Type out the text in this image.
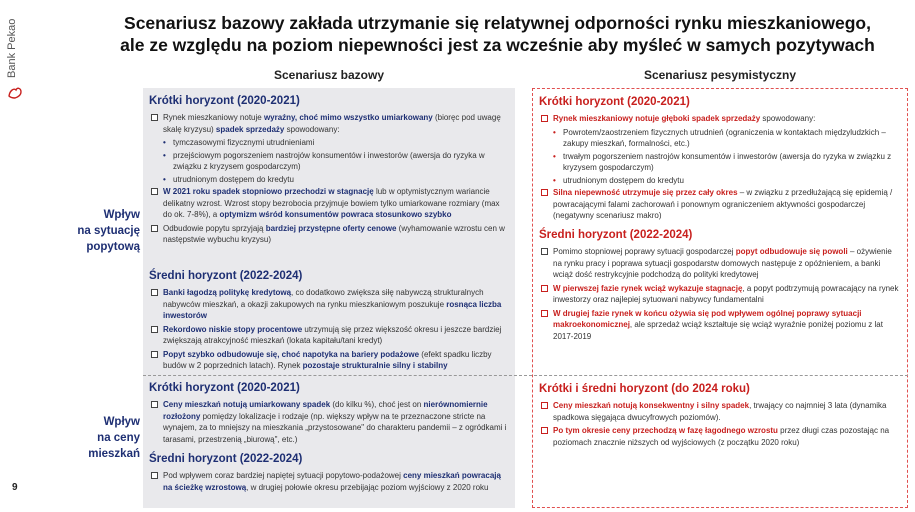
Bank Pekao
9
Scenariusz bazowy zakłada utrzymanie się relatywnej odporności rynku mieszkaniowego,
ale ze względu na poziom niepewności jest za wcześnie aby myśleć w samych pozytywach
Scenariusz bazowy	Scenariusz pesymistyczny
Wpływ
na sytuację
popytową
Wpływ
na ceny
mieszkań
Krótki horyzont (2020-2021)
Rynek mieszkaniowy notuje wyraźny, choć mimo wszystko umiarkowany (bioręc pod uwagę skalę kryzysu) spadek sprzedaży spowodowany:
• tymczasowymi fizycznymi utrudnieniami
• przejściowym pogorszeniem nastrojów konsumentów i inwestorów (awersja do ryzyka w związku z kryzysem gospodarczym)
• utrudnionym dostępem do kredytu
W 2021 roku spadek stopniowo przechodzi w stagnację lub w optymistycznym wariancie delikatny wzrost. Wzrost stopy bezrobocia przyjmuje bowiem tylko umiarkowane rozmiary (max do ok. 7-8%), a optymizm wśród konsumentów powraca stosunkowo szybko
Odbudowie popytu sprzyjają bardziej przystępne oferty cenowe (wyhamowanie wzrostu cen w następstwie wybuchu kryzysu)
Średni horyzont (2022-2024)
Banki łagodzą politykę kredytową, co dodatkowo zwiększa siłę nabywczą strukturalnych nabywców mieszkań, a okazji zakupowych na rynku mieszkaniowym poszukuje rosnąca liczba inwestorów
Rekordowo niskie stopy procentowe utrzymują się przez większość okresu i jeszcze bardziej zwiększają atrakcyjność mieszkań (lokata kapitału/tani kredyt)
Popyt szybko odbudowuje się, choć napotyka na bariery podażowe (efekt spadku liczby budów w 2 poprzednich latach). Rynek pozostaje strukturalnie silny i stabilny
Krótki horyzont (2020-2021)
Ceny mieszkań notują umiarkowany spadek (do kilku %), choć jest on nierównomiernie rozłożony pomiędzy lokalizacje i rodzaje (np. większy wpływ na te przeznaczone stricte na wynajem, za to mniejszy na mieszkania „przystosowane" do charakteru pandemii – z ogródkami i tarasami, przestrzenią „biurową", etc.)
Średni horyzont (2022-2024)
Pod wpływem coraz bardziej napiętej sytuacji popytowo-podażowej ceny mieszkań powracają na ścieżkę wzrostową, w drugiej połowie okresu przebijając poziom wyjściowy z 2020 roku
Krótki horyzont (2020-2021)
Rynek mieszkaniowy notuje głęboki spadek sprzedaży spowodowany:
• Powrotem/zaostrzeniem fizycznych utrudnień (ograniczenia w kontaktach międzyludzkich – zakupy mieszkań, formalności, etc.)
• trwałym pogorszeniem nastrojów konsumentów i inwestorów (awersja do ryzyka w związku z kryzysem gospodarczym)
• utrudnionym dostępem do kredytu
Silna niepewność utrzymuje się przez cały okres – w związku z przedłużającą się epidemią / powracającymi falami zachorowań i ponownym ograniczeniem aktywności gospodarczej (negatywny scenariusz makro)
Średni horyzont (2022-2024)
Pomimo stopniowej poprawy sytuacji gospodarczej popyt odbudowuje się powoli – ożywienie na rynku pracy i poprawa sytuacji gospodarstw domowych następuje z opóźnieniem, a banki wciąż dość restrykcyjnie podchodzą do polityki kredytowej
W pierwszej fazie rynek wciąż wykazuje stagnację, a popyt podtrzymują powracający na rynek inwestorzy oraz najlepiej sytuowani nabywcy fundamentalni
W drugiej fazie rynek w końcu ożywia się pod wpływem ogólnej poprawy sytuacji makroekonomicznej, ale sprzedaż wciąż kształtuje się wciąż wyraźnie poniżej poziomu z lat 2017-2019
Krótki i średni horyzont (do 2024 roku)
Ceny mieszkań notują konsekwentny i silny spadek, trwający co najmniej 3 lata (dynamika spadkowa sięgająca dwucyfrowych poziomów).
Po tym okresie ceny przechodzą w fazę łagodnego wzrostu przez długi czas pozostając na poziomach znacznie niższych od wyjściowych (z początku 2020 roku)
